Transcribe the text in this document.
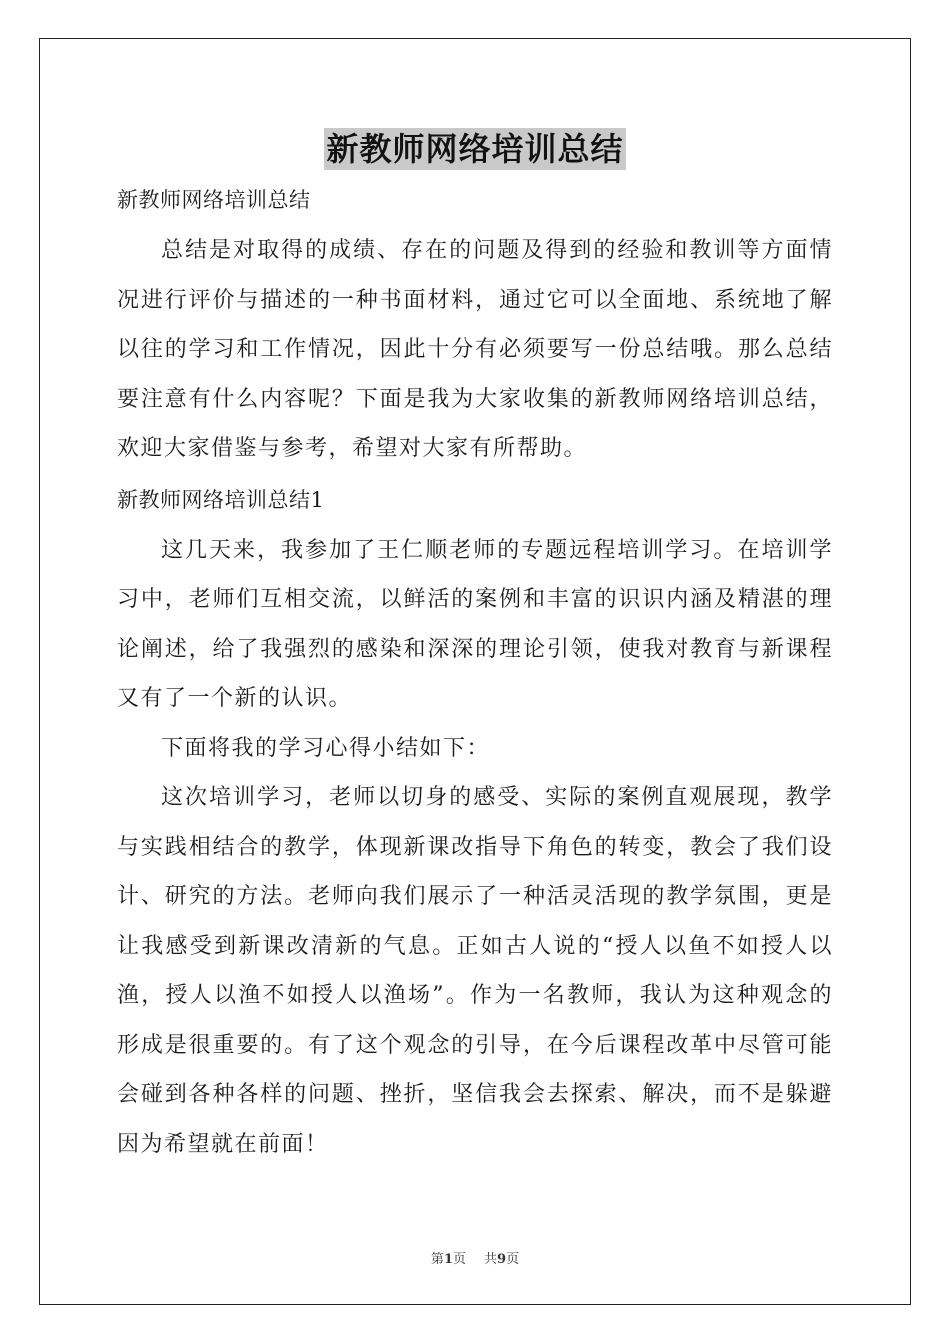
新教师网络培训总结

新教师网络培训总结

总结是对取得的成绩、存在的问题及得到的经验和教训等方面情况进行评价与描述的一种书面材料，通过它可以全面地、系统地了解以往的学习和工作情况，因此十分有必须要写一份总结哦。那么总结要注意有什么内容呢？下面是我为大家收集的新教师网络培训总结，欢迎大家借鉴与参考，希望对大家有所帮助。

新教师网络培训总结1

这几天来，我参加了王仁顺老师的专题远程培训学习。在培训学习中，老师们互相交流，以鲜活的案例和丰富的识识内涵及精湛的理论阐述，给了我强烈的感染和深深的理论引领，使我对教育与新课程又有了一个新的认识。

下面将我的学习心得小结如下：

这次培训学习，老师以切身的感受、实际的案例直观展现，教学与实践相结合的教学，体现新课改指导下角色的转变，教会了我们设计、研究的方法。老师向我们展示了一种活灵活现的教学氛围，更是让我感受到新课改清新的气息。正如古人说的“授人以鱼不如授人以渔，授人以渔不如授人以渔场”。作为一名教师，我认为这种观念的形成是很重要的。有了这个观念的引导，在今后课程改革中尽管可能会碰到各种各样的问题、挫折，坚信我会去探索、解决，而不是躲避因为希望就在前面！

第1页 共9页
